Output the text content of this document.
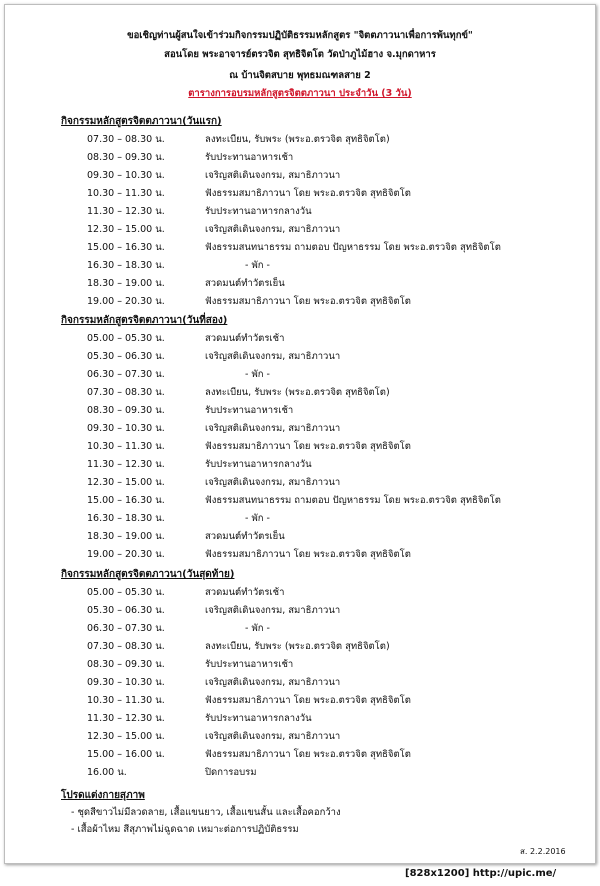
ขอเชิญท่านผู้สนใจเข้าร่วมกิจกรรมปฏิบัติธรรมหลักสูตร "จิตตภาวนาเพื่อการพ้นทุกข์"
สอนโดย พระอาจารย์ตรวจิต สุทธิจิตโต วัดป่าภูไม้ฮาง จ.มุกดาหาร
ณ บ้านจิตสบาย พุทธมณฑลสาย 2
ตารางการอบรมหลักสูตรจิตตภาวนา ประจำวัน (3 วัน)
กิจกรรมหลักสูตรจิตตภาวนา(วันแรก)
07.30 – 08.30 น.	ลงทะเบียน, รับพระ (พระอ.ตรวจิต สุทธิจิตโต)
08.30 – 09.30 น.	รับประทานอาหารเช้า
09.30 – 10.30 น.	เจริญสติเดินจงกรม, สมาธิภาวนา
10.30 – 11.30 น.	ฟังธรรมสมาธิภาวนา โดย พระอ.ตรวจิต สุทธิจิตโต
11.30 – 12.30 น.	รับประทานอาหารกลางวัน
12.30 – 15.00 น.	เจริญสติเดินจงกรม, สมาธิภาวนา
15.00 – 16.30 น.	ฟังธรรมสนทนาธรรม ถามตอบ ปัญหาธรรม โดย พระอ.ตรวจิต สุทธิจิตโต
16.30 – 18.30 น.	- พัก -
18.30 – 19.00 น.	สวดมนต์ทำวัตรเย็น
19.00 – 20.30 น.	ฟังธรรมสมาธิภาวนา โดย พระอ.ตรวจิต สุทธิจิตโต
กิจกรรมหลักสูตรจิตตภาวนา(วันที่สอง)
05.00 – 05.30 น.	สวดมนต์ทำวัตรเช้า
05.30 – 06.30 น.	เจริญสติเดินจงกรม, สมาธิภาวนา
06.30 – 07.30 น.	- พัก -
07.30 – 08.30 น.	ลงทะเบียน, รับพระ (พระอ.ตรวจิต สุทธิจิตโต)
08.30 – 09.30 น.	รับประทานอาหารเช้า
09.30 – 10.30 น.	เจริญสติเดินจงกรม, สมาธิภาวนา
10.30 – 11.30 น.	ฟังธรรมสมาธิภาวนา โดย พระอ.ตรวจิต สุทธิจิตโต
11.30 – 12.30 น.	รับประทานอาหารกลางวัน
12.30 – 15.00 น.	เจริญสติเดินจงกรม, สมาธิภาวนา
15.00 – 16.30 น.	ฟังธรรมสนทนาธรรม ถามตอบ ปัญหาธรรม โดย พระอ.ตรวจิต สุทธิจิตโต
16.30 – 18.30 น.	- พัก -
18.30 – 19.00 น.	สวดมนต์ทำวัตรเย็น
19.00 – 20.30 น.	ฟังธรรมสมาธิภาวนา โดย พระอ.ตรวจิต สุทธิจิตโต
กิจกรรมหลักสูตรจิตตภาวนา(วันสุดท้าย)
05.00 – 05.30 น.	สวดมนต์ทำวัตรเช้า
05.30 – 06.30 น.	เจริญสติเดินจงกรม, สมาธิภาวนา
06.30 – 07.30 น.	- พัก -
07.30 – 08.30 น.	ลงทะเบียน, รับพระ (พระอ.ตรวจิต สุทธิจิตโต)
08.30 – 09.30 น.	รับประทานอาหารเช้า
09.30 – 10.30 น.	เจริญสติเดินจงกรม, สมาธิภาวนา
10.30 – 11.30 น.	ฟังธรรมสมาธิภาวนา โดย พระอ.ตรวจิต สุทธิจิตโต
11.30 – 12.30 น.	รับประทานอาหารกลางวัน
12.30 – 15.00 น.	เจริญสติเดินจงกรม, สมาธิภาวนา
15.00 – 16.00 น.	ฟังธรรมสมาธิภาวนา โดย พระอ.ตรวจิต สุทธิจิตโต
16.00 น.	ปิดการอบรม
โปรดแต่งกายสุภาพ
- ชุดสีขาวไม่มีลวดลาย, เสื้อแขนยาว, เสื้อแขนสั้น และเสื้อคอกว้าง
- เสื้อผ้าไหม สีสุภาพไม่ฉูดฉาด เหมาะต่อการปฏิบัติธรรม
ส. 2.2.2016
[828x1200] http://upic.me/
